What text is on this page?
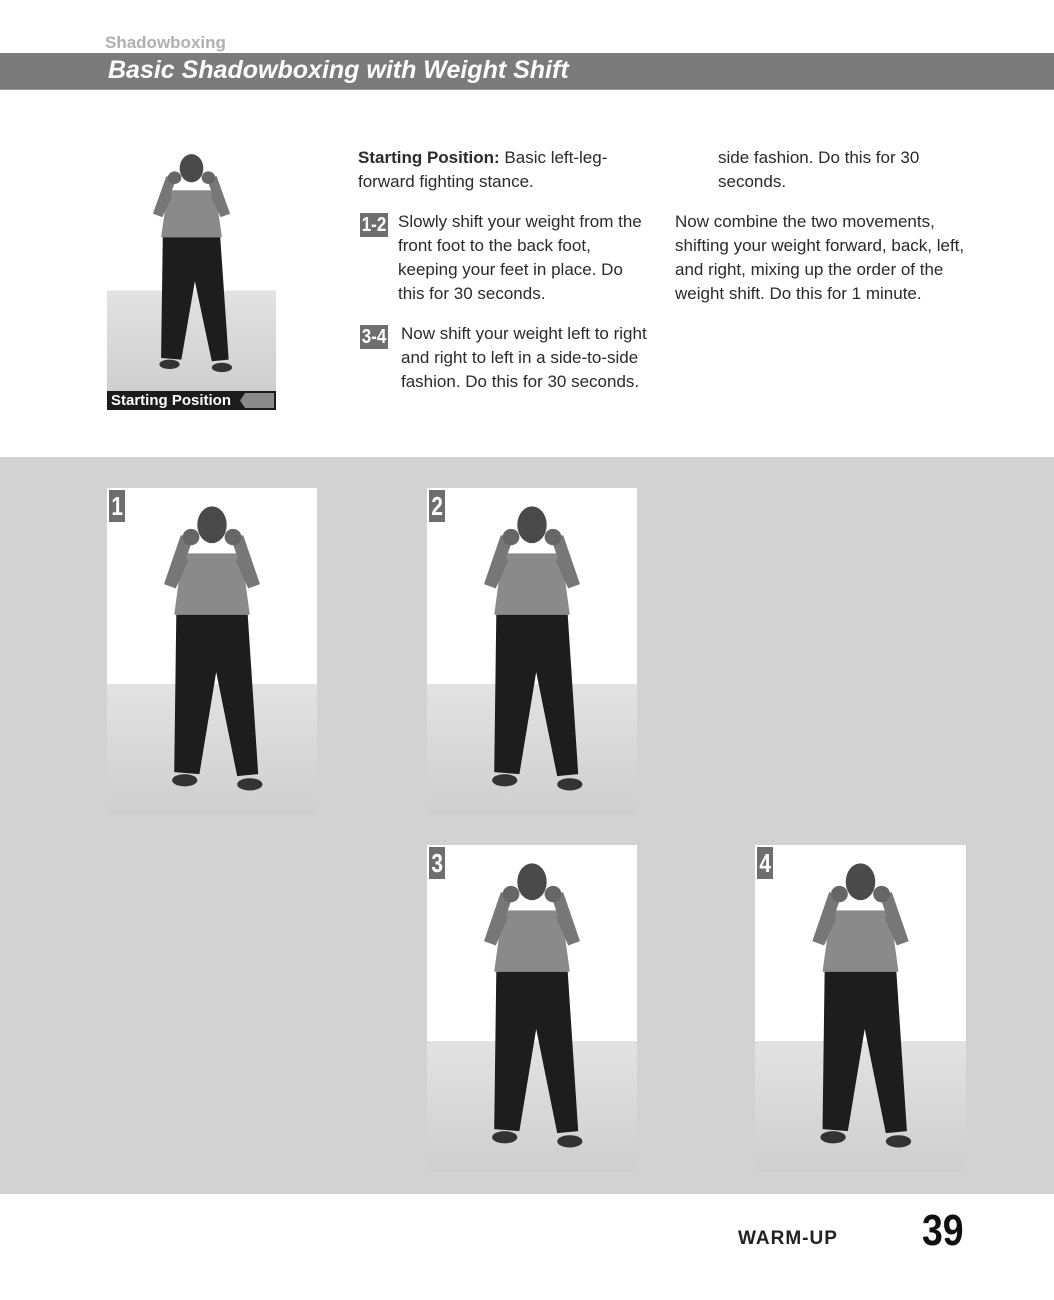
Shadowboxing
Basic Shadowboxing with Weight Shift
Starting Position

Starting Position: Basic left-leg-forward fighting stance.

1-2 Slowly shift your weight from the front foot to the back foot, keeping your feet in place. Do this for 30 seconds.

3-4 Now shift your weight left to right and right to left in a side-to-side fashion. Do this for 30 seconds.

side fashion. Do this for 30 seconds.

Now combine the two movements, shifting your weight forward, back, left, and right, mixing up the order of the weight shift. Do this for 1 minute.

1	2
3	4
WARM-UP 39
